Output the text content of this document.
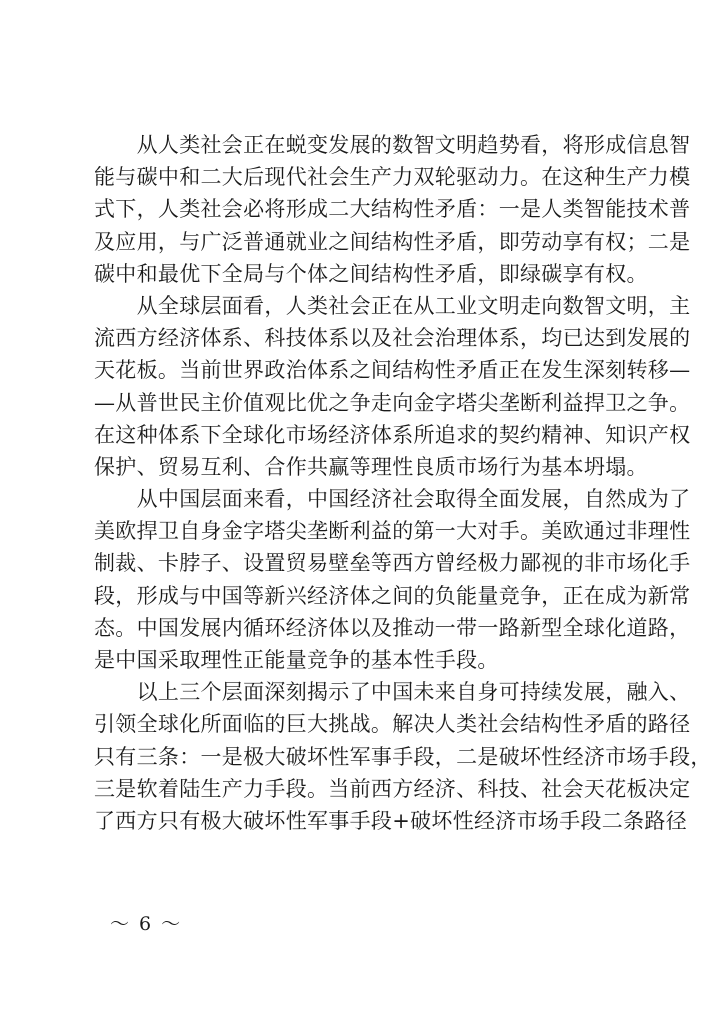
　　从人类社会正在蜕变发展的数智文明趋势看，将形成信息智
能与碳中和二大后现代社会生产力双轮驱动力。在这种生产力模
式下，人类社会必将形成二大结构性矛盾：一是人类智能技术普
及应用，与广泛普通就业之间结构性矛盾，即劳动享有权；二是
碳中和最优下全局与个体之间结构性矛盾，即绿碳享有权。
　　从全球层面看，人类社会正在从工业文明走向数智文明，主
流西方经济体系、科技体系以及社会治理体系，均已达到发展的
天花板。当前世界政治体系之间结构性矛盾正在发生深刻转移—
—从普世民主价值观比优之争走向金字塔尖垄断利益捍卫之争。
在这种体系下全球化市场经济体系所追求的契约精神、知识产权
保护、贸易互利、合作共赢等理性良质市场行为基本坍塌。
　　从中国层面来看，中国经济社会取得全面发展，自然成为了
美欧捍卫自身金字塔尖垄断利益的第一大对手。美欧通过非理性
制裁、卡脖子、设置贸易壁垒等西方曾经极力鄙视的非市场化手
段，形成与中国等新兴经济体之间的负能量竞争，正在成为新常
态。中国发展内循环经济体以及推动一带一路新型全球化道路，
是中国采取理性正能量竞争的基本性手段。
　　以上三个层面深刻揭示了中国未来自身可持续发展，融入、
引领全球化所面临的巨大挑战。解决人类社会结构性矛盾的路径
只有三条：一是极大破坏性军事手段，二是破坏性经济市场手段，
三是软着陆生产力手段。当前西方经济、科技、社会天花板决定
了西方只有极大破坏性军事手段+破坏性经济市场手段二条路径
～ 6 ～
